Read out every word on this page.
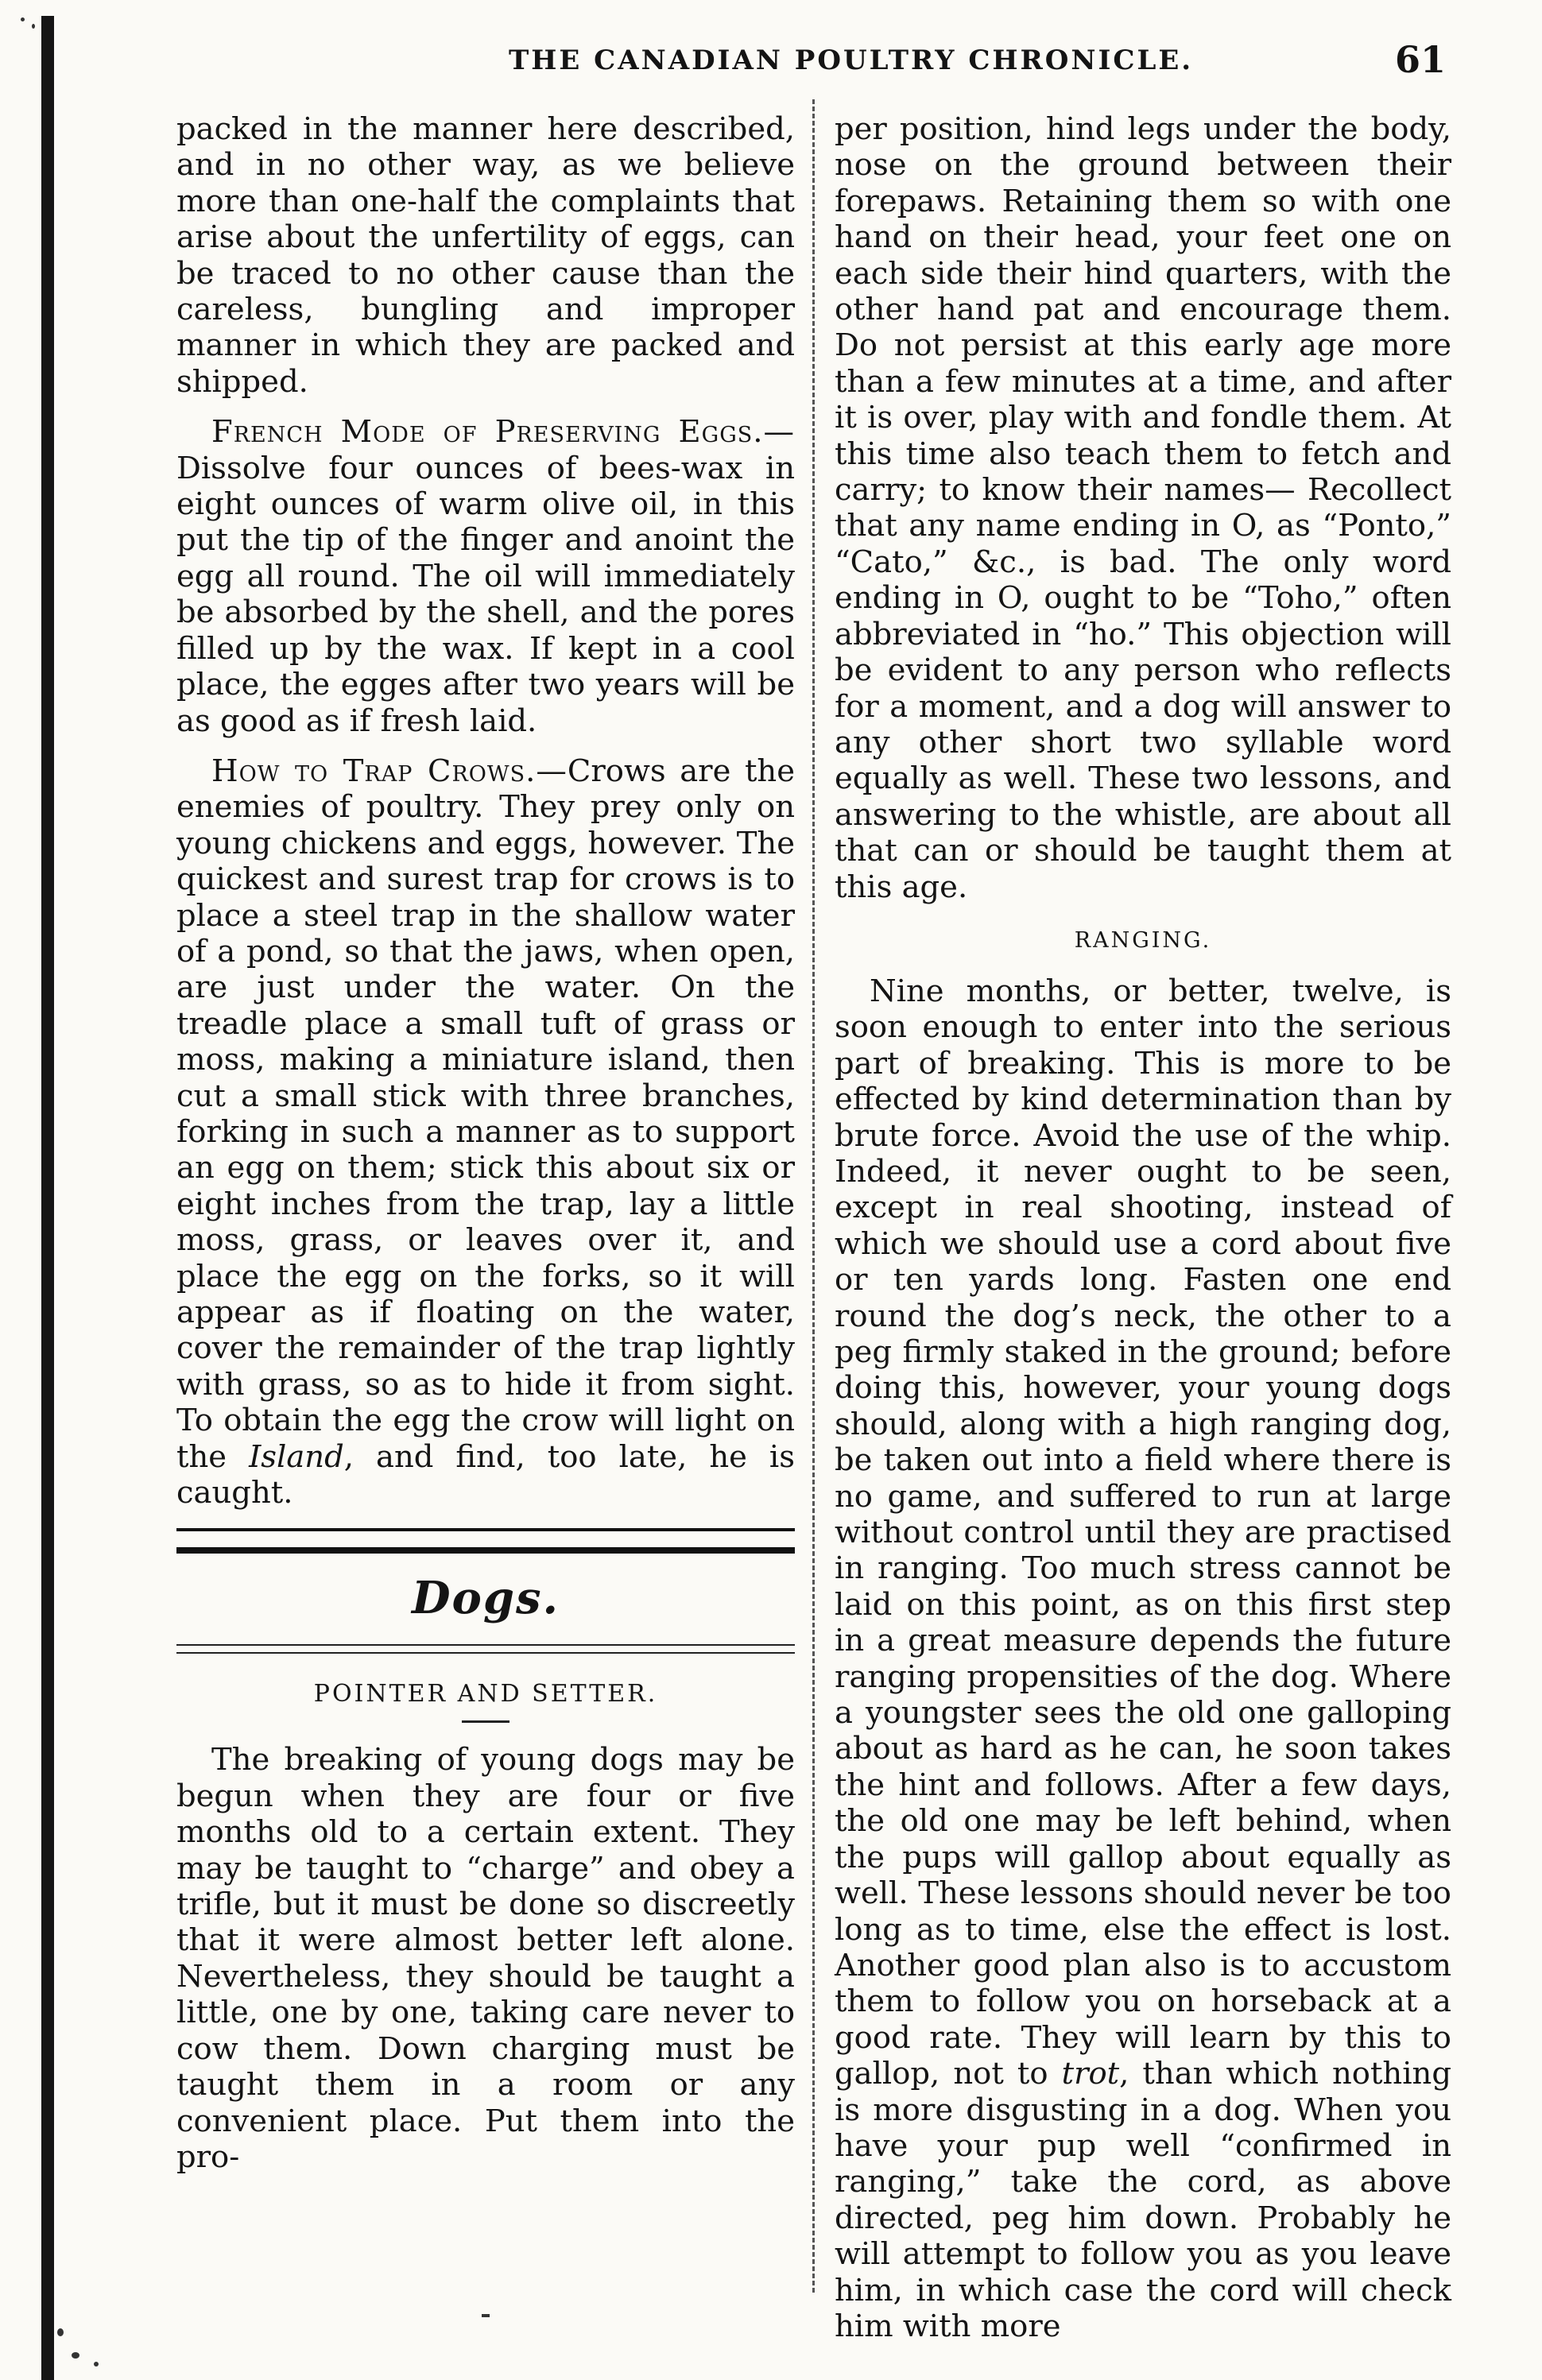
THE CANADIAN POULTRY CHRONICLE.	61

packed in the manner here described, and in no other way, as we believe more than one-half the complaints that arise about the unfertility of eggs, can be traced to no other cause than the careless, bungling and improper manner in which they are packed and shipped.

French Mode of Preserving Eggs.—Dissolve four ounces of bees-wax in eight ounces of warm olive oil, in this put the tip of the finger and anoint the egg all round. The oil will immediately be absorbed by the shell, and the pores filled up by the wax. If kept in a cool place, the egges after two years will be as good as if fresh laid.

How to Trap Crows.—Crows are the enemies of poultry. They prey only on young chickens and eggs, however. The quickest and surest trap for crows is to place a steel trap in the shallow water of a pond, so that the jaws, when open, are just under the water. On the treadle place a small tuft of grass or moss, making a miniature island, then cut a small stick with three branches, forking in such a manner as to support an egg on them; stick this about six or eight inches from the trap, lay a little moss, grass, or leaves over it, and place the egg on the forks, so it will appear as if floating on the water, cover the remainder of the trap lightly with grass, so as to hide it from sight. To obtain the egg the crow will light on the Island, and find, too late, he is caught.

Dogs.
POINTER AND SETTER.

The breaking of young dogs may be begun when they are four or five months old to a certain extent. They may be taught to “charge” and obey a trifle, but it must be done so discreetly that it were almost better left alone. Nevertheless, they should be taught a little, one by one, taking care never to cow them. Down charging must be taught them in a room or any convenient place. Put them into the pro-

per position, hind legs under the body, nose on the ground between their forepaws. Retaining them so with one hand on their head, your feet one on each side their hind quarters, with the other hand pat and encourage them. Do not persist at this early age more than a few minutes at a time, and after it is over, play with and fondle them. At this time also teach them to fetch and carry; to know their names— Recollect that any name ending in O, as “Ponto,” “Cato,” &c., is bad. The only word ending in O, ought to be “Toho,” often abbreviated in “ho.” This objection will be evident to any person who reflects for a moment, and a dog will answer to any other short two syllable word equally as well. These two lessons, and answering to the whistle, are about all that can or should be taught them at this age.

RANGING.

Nine months, or better, twelve, is soon enough to enter into the serious part of breaking. This is more to be effected by kind determination than by brute force. Avoid the use of the whip. Indeed, it never ought to be seen, except in real shooting, instead of which we should use a cord about five or ten yards long. Fasten one end round the dog’s neck, the other to a peg firmly staked in the ground; before doing this, however, your young dogs should, along with a high ranging dog, be taken out into a field where there is no game, and suffered to run at large without control until they are practised in ranging. Too much stress cannot be laid on this point, as on this first step in a great measure depends the future ranging propensities of the dog. Where a youngster sees the old one galloping about as hard as he can, he soon takes the hint and follows. After a few days, the old one may be left behind, when the pups will gallop about equally as well. These lessons should never be too long as to time, else the effect is lost. Another good plan also is to accustom them to follow you on horseback at a good rate. They will learn by this to gallop, not to trot, than which nothing is more disgusting in a dog. When you have your pup well “confirmed in ranging,” take the cord, as above directed, peg him down. Probably he will attempt to follow you as you leave him, in which case the cord will check him with more
